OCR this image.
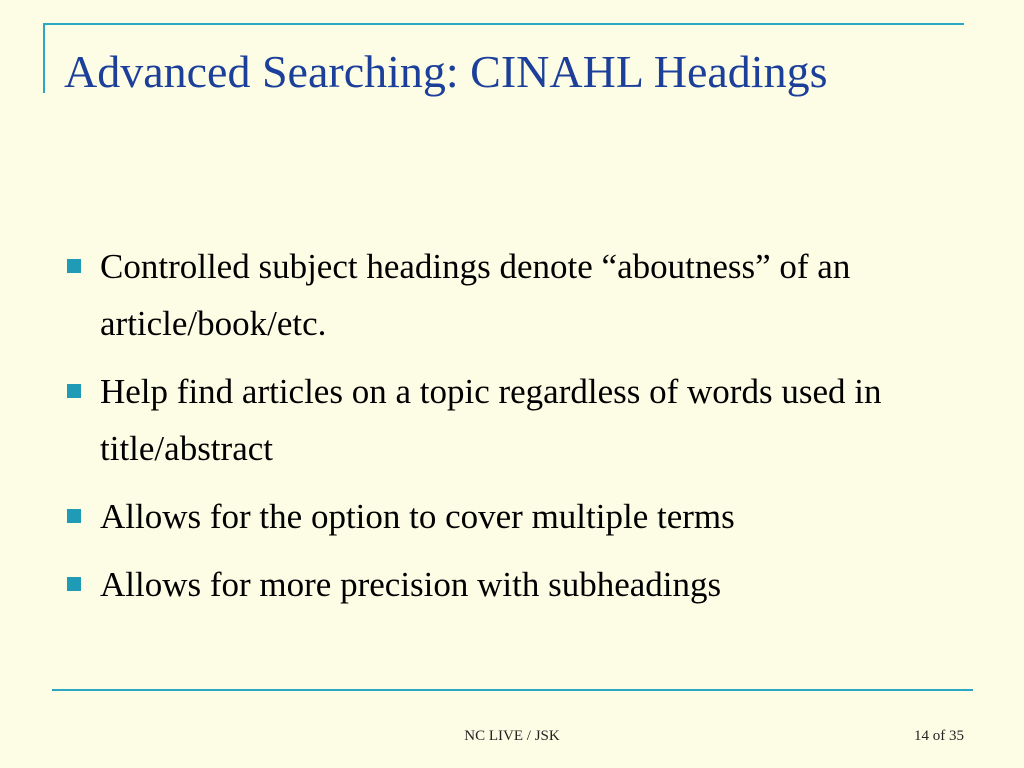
Advanced Searching: CINAHL Headings
Controlled subject headings denote “aboutness” of an article/book/etc.
Help find articles on a topic regardless of words used in title/abstract
Allows for the option to cover multiple terms
Allows for more precision with subheadings
NC LIVE / JSK	14 of 35
